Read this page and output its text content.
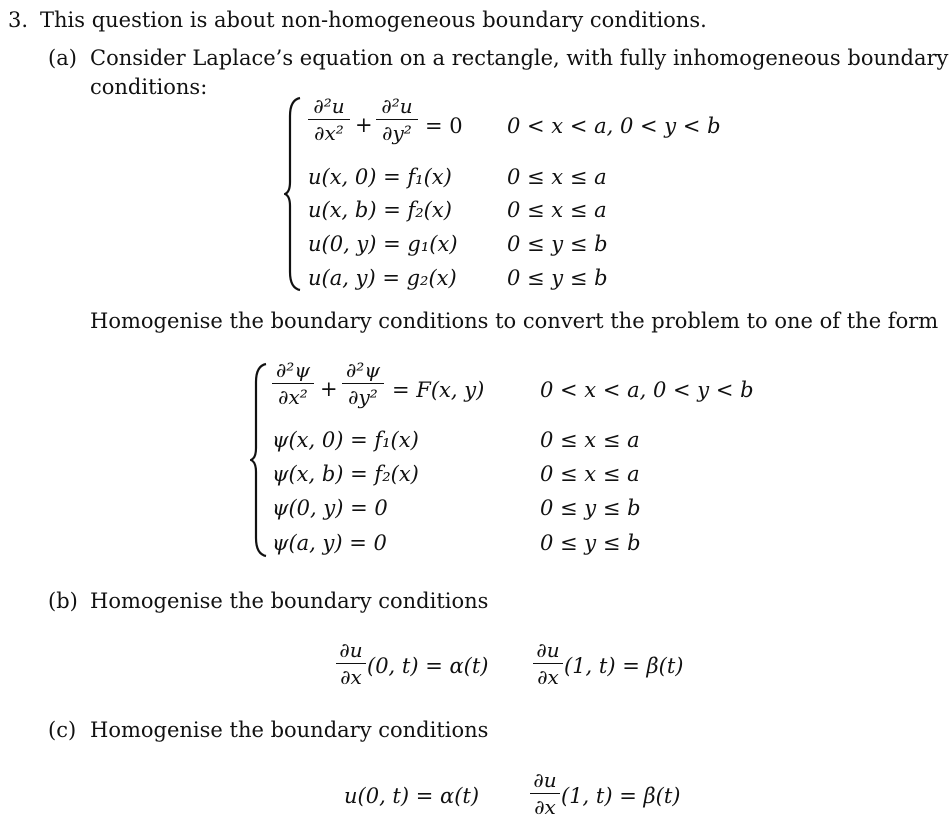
3. This question is about non-homogeneous boundary conditions.
(a) Consider Laplace’s equation on a rectangle, with fully inhomogeneous boundary
conditions:
∂²u
∂x² +
∂²u
∂y² = 0 0 < x < a, 0 < y < b
u(x, 0) = f₁(x)	0 ≤ x ≤ a
u(x, b) = f₂(x)	0 ≤ x ≤ a
u(0, y) = g₁(x) 0 ≤ y ≤ b
u(a, y) = g₂(x) 0 ≤ y ≤ b
Homogenise the boundary conditions to convert the problem to one of the form
∂²ψ
∂x² +
∂²ψ
∂y² = F(x, y)	0 < x < a, 0 < y < b
ψ(x, 0) = f₁(x)	0 ≤ x ≤ a
ψ(x, b) = f₂(x)	0 ≤ x ≤ a
ψ(0, y) = 0	0 ≤ y ≤ b
ψ(a, y) = 0	0 ≤ y ≤ b
(b) Homogenise the boundary conditions
∂u
∂x (0, t) = α(t)
∂u
∂x (1, t) = β(t)
(c) Homogenise the boundary conditions
u(0, t) = α(t)
∂u
∂x (1, t) = β(t)
